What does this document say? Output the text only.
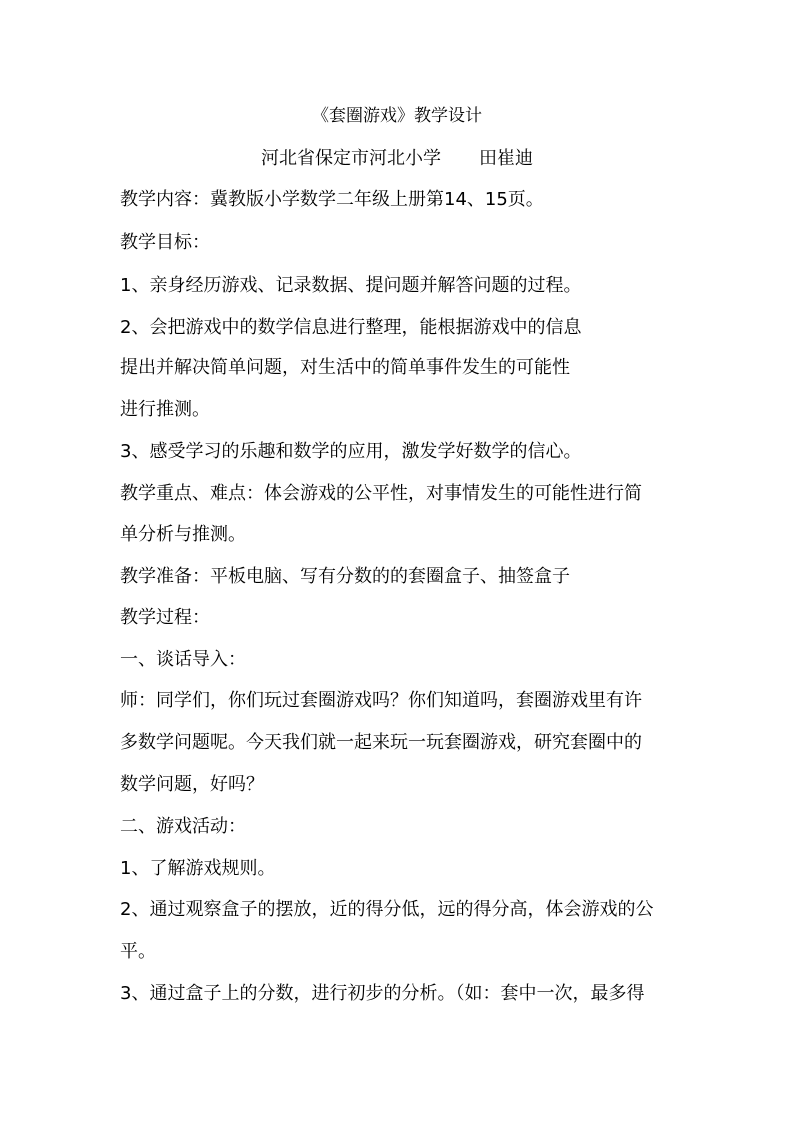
《套圈游戏》教学设计
河北省保定市河北小学 田崔迪
教学内容：冀教版小学数学二年级上册第14、15页。
教学目标：
1、亲身经历游戏、记录数据、提问题并解答问题的过程。
2、会把游戏中的数学信息进行整理，能根据游戏中的信息
提出并解决简单问题，对生活中的简单事件发生的可能性
进行推测。
3、感受学习的乐趣和数学的应用，激发学好数学的信心。
教学重点、难点：体会游戏的公平性，对事情发生的可能性进行简
单分析与推测。
教学准备：平板电脑、写有分数的的套圈盒子、抽签盒子
教学过程：
一、谈话导入：
师：同学们，你们玩过套圈游戏吗？你们知道吗，套圈游戏里有许
多数学问题呢。今天我们就一起来玩一玩套圈游戏，研究套圈中的
数学问题，好吗？
二、游戏活动：
1、了解游戏规则。
2、通过观察盒子的摆放，近的得分低，远的得分高，体会游戏的公
平。
3、通过盒子上的分数，进行初步的分析。（如：套中一次，最多得
